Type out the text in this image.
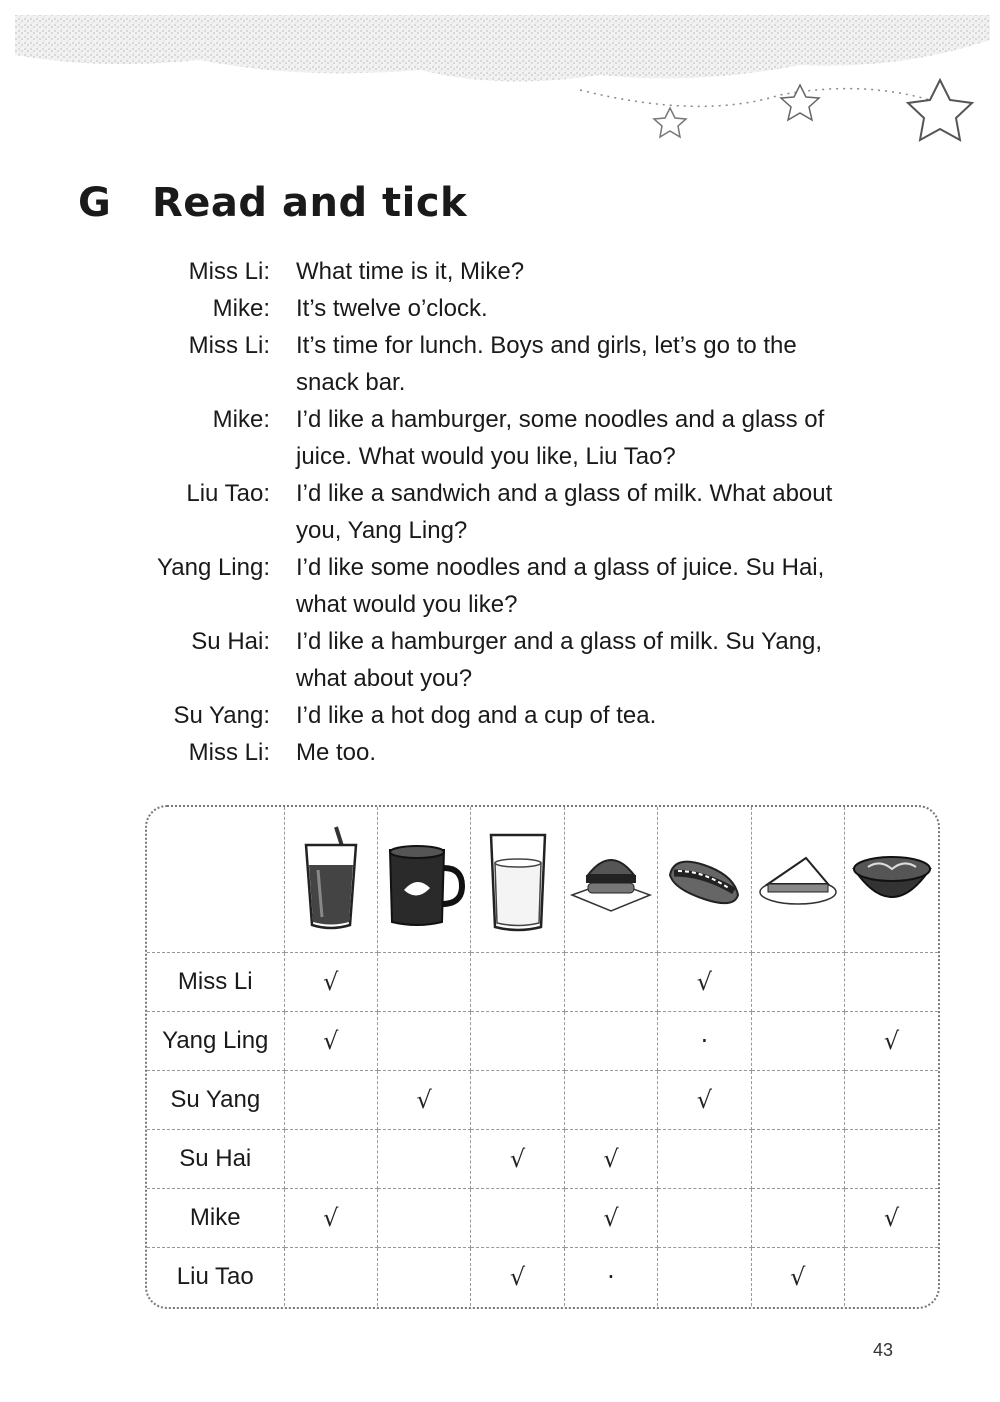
G Read and tick
Miss Li:	What time is it, Mike?
Mike:	It’s twelve o’clock.
Miss Li:	It’s time for lunch. Boys and girls, let’s go to the
snack bar.
Mike:	I’d like a hamburger, some noodles and a glass of
juice. What would you like, Liu Tao?
Liu Tao:	I’d like a sandwich and a glass of milk. What about
you, Yang Ling?
Yang Ling:	I’d like some noodles and a glass of juice. Su Hai,
what would you like?
Su Hai:	I’d like a hamburger and a glass of milk. Su Yang,
what about you?
Su Yang:	I’d like a hot dog and a cup of tea.
Miss Li:	Me too.

Miss Li	√				√		
Yang Ling	√				·		√
Su Yang		√			√		
Su Hai			√	√			
Mike	√			√			√
Liu Tao			√	·		√	
43
